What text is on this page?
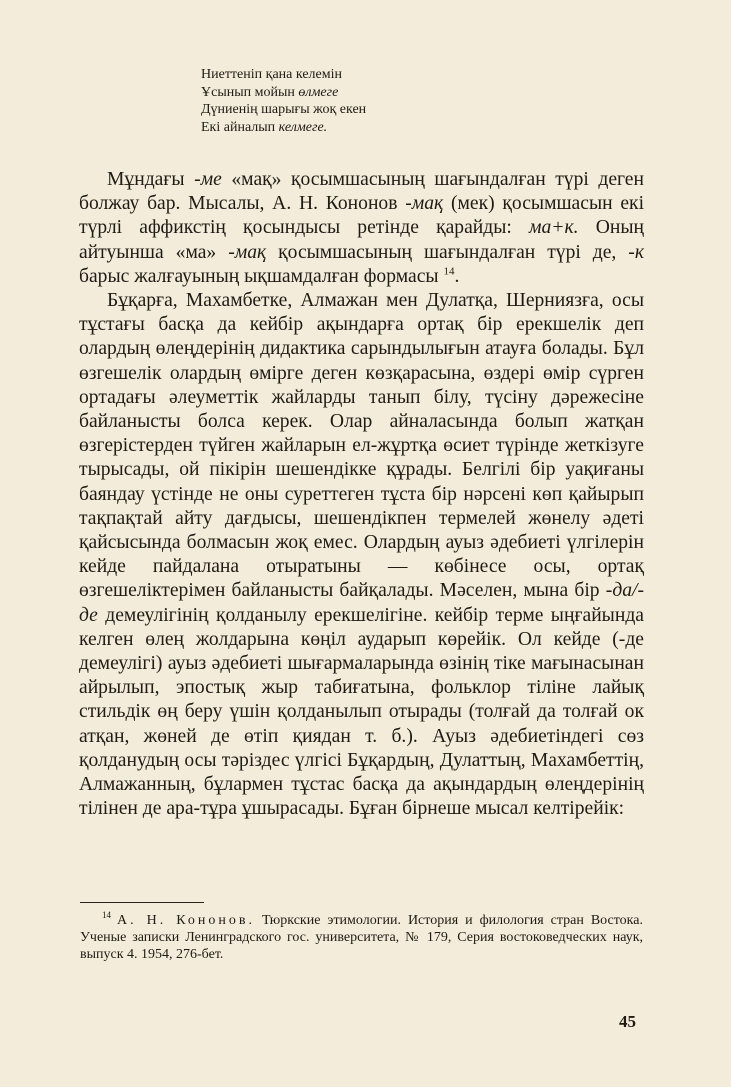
Ниеттеніп қана келемін
Ұсынып мойын өлмеге
Дүниенің шарығы жоқ екен
Екі айналып келмеге.

Мұндағы -ме «мақ» қосымшасының шағындалған түрі деген болжау бар. Мысалы, А. Н. Кононов -мақ (мек) қосымшасын екі түрлі аффикстің қосындысы ретінде қарайды: ма+к. Оның айтуынша «ма» -мақ қосымшасының шағындалған түрі де, -к барыс жалғауының ықшамдалған формасы $^{14}$.

Бұқарға, Махамбетке, Алмажан мен Дулатқа, Шерниязға, осы тұстағы басқа да кейбір ақындарға ортақ бір ерекшелік деп олардың өлеңдерінің дидактика сарындылығын атауға болады. Бұл өзгешелік олардың өмірге деген көзқарасына, өздері өмір сүрген ортадағы әлеуметтік жайларды танып білу, түсіну дәрежесіне байланысты болса керек. Олар айналасында болып жатқан өзгерістерден түйген жайларын ел-жұртқа өсиет түрінде жеткізуге тырысады, ой пікірін шешендікке құрады. Белгілі бір уақиғаны баяндау үстінде не оны суреттеген тұста бір нәрсені көп қайырып тақпақтай айту дағдысы, шешендікпен термелей жөнелу әдеті қайсысында болмасын жоқ емес. Олардың ауыз әдебиеті үлгілерін кейде пайдалана отыратыны — көбінесе осы, ортақ өзгешеліктерімен байланысты байқалады. Мәселен, мына бір -да/-де демеулігінің қолданылу ерекшелігіне. кейбір терме ыңғайында келген өлең жолдарына көңіл аударып көрейік. Ол кейде (-де демеулігі) ауыз әдебиеті шығармаларында өзінің тіке мағынасынан айрылып, эпостық жыр табиғатына, фольклор тіліне лайық стильдік өң беру үшін қолданылып отырады (толғай да толғай ок атқан, жөней де өтіп қиядан т. б.). Ауыз әдебиетіндегі сөз қолданудың осы тәріздес үлгісі Бұқардың, Дулаттың, Махамбеттің, Алмажанның, бұлармен тұстас басқа да ақындардың өлеңдерінің тілінен де ара-тұра ұшырасады. Бұған бірнеше мысал келтірейік:

$^{14}$ А. Н. Кононов. Тюркские этимологии. История и филология стран Востока. Ученые записки Ленинградского гос. университета, № 179, Серия востоковедческих наук, выпуск 4. 1954, 276-бет.
45
